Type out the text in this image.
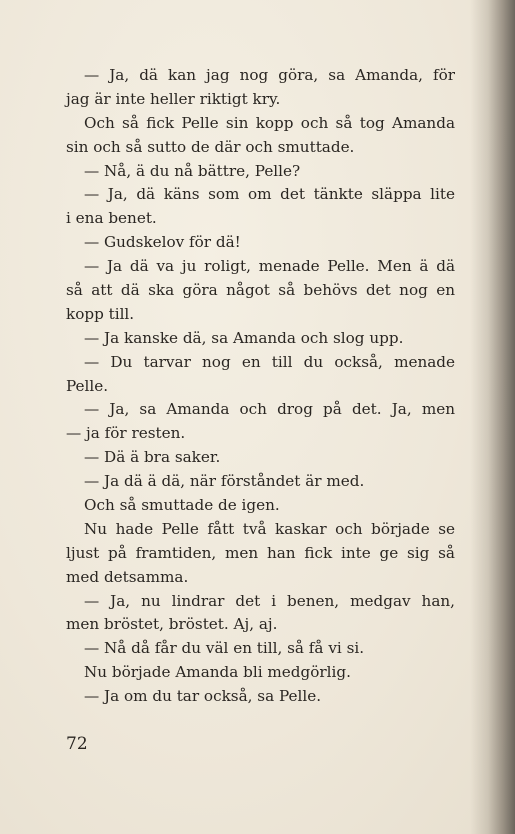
— Ja, dä kan jag nog göra, sa Amanda, för
jag är inte heller riktigt kry.
Och så fick Pelle sin kopp och så tog Amanda
sin och så sutto de där och smuttade.
— Nå, ä du nå bättre, Pelle?
— Ja, dä käns som om det tänkte släppa lite
i ena benet.
— Gudskelov för dä!
— Ja dä va ju roligt, menade Pelle. Men ä dä
så att dä ska göra något så behövs det nog en
kopp till.
— Ja kanske dä, sa Amanda och slog upp.
— Du tarvar nog en till du också, menade
Pelle.
— Ja, sa Amanda och drog på det. Ja, men
— ja för resten.
— Dä ä bra saker.
— Ja dä ä dä, när förståndet är med.
Och så smuttade de igen.
Nu hade Pelle fått två kaskar och började se
ljust på framtiden, men han fick inte ge sig så
med detsamma.
— Ja, nu lindrar det i benen, medgav han,
men bröstet, bröstet. Aj, aj.
— Nå då får du väl en till, så få vi si.
Nu började Amanda bli medgörlig.
— Ja om du tar också, sa Pelle.
72
